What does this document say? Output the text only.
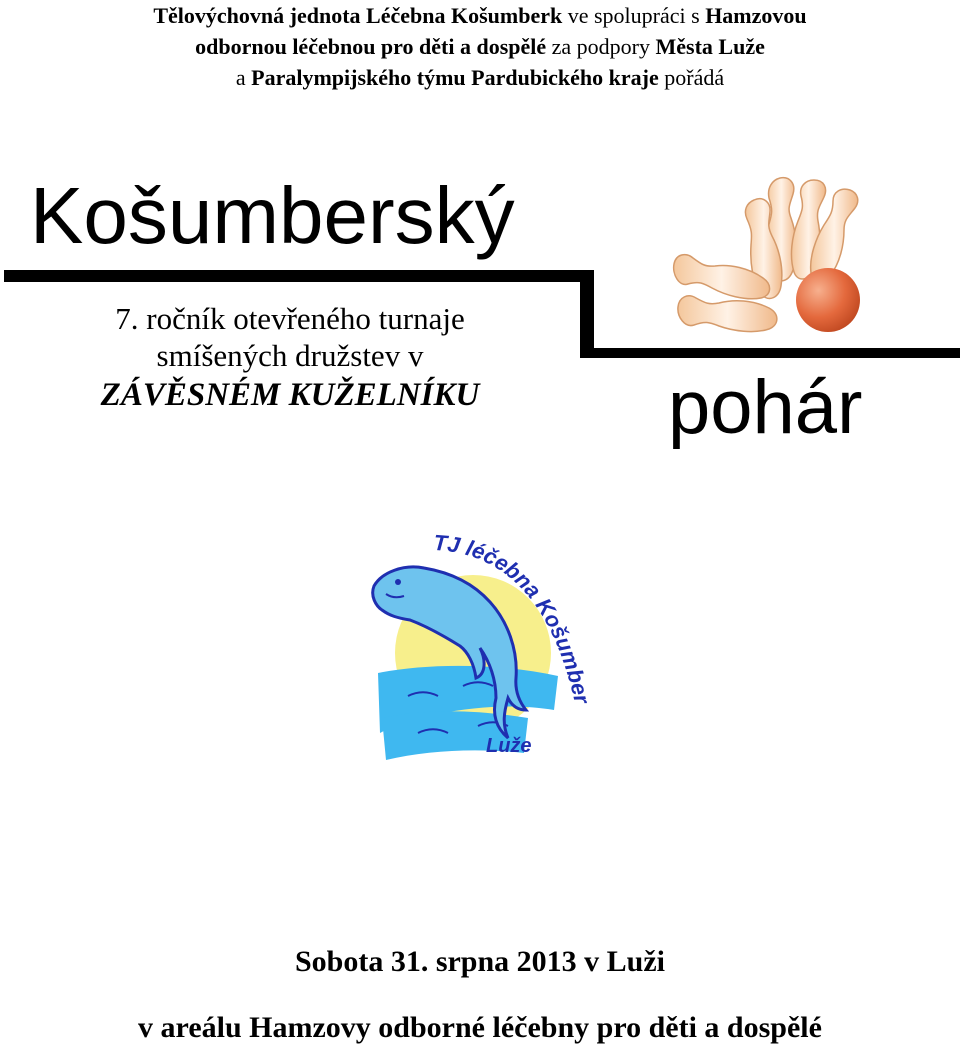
Tělovýchovná jednota Léčebna Košumberk ve spolupráci s Hamzovou
odbornou léčebnou pro děti a dospělé za podpory Města Luže
a Paralympijského týmu Pardubického kraje pořádá
Košumberský
7. ročník otevřeného turnaje
smíšených družstev v
ZÁVĚSNÉM KUŽELNÍKU	pohár
TJ léčebna Košumber
Luže
Sobota 31. srpna 2013 v Luži
v areálu Hamzovy odborné léčebny pro děti a dospělé
